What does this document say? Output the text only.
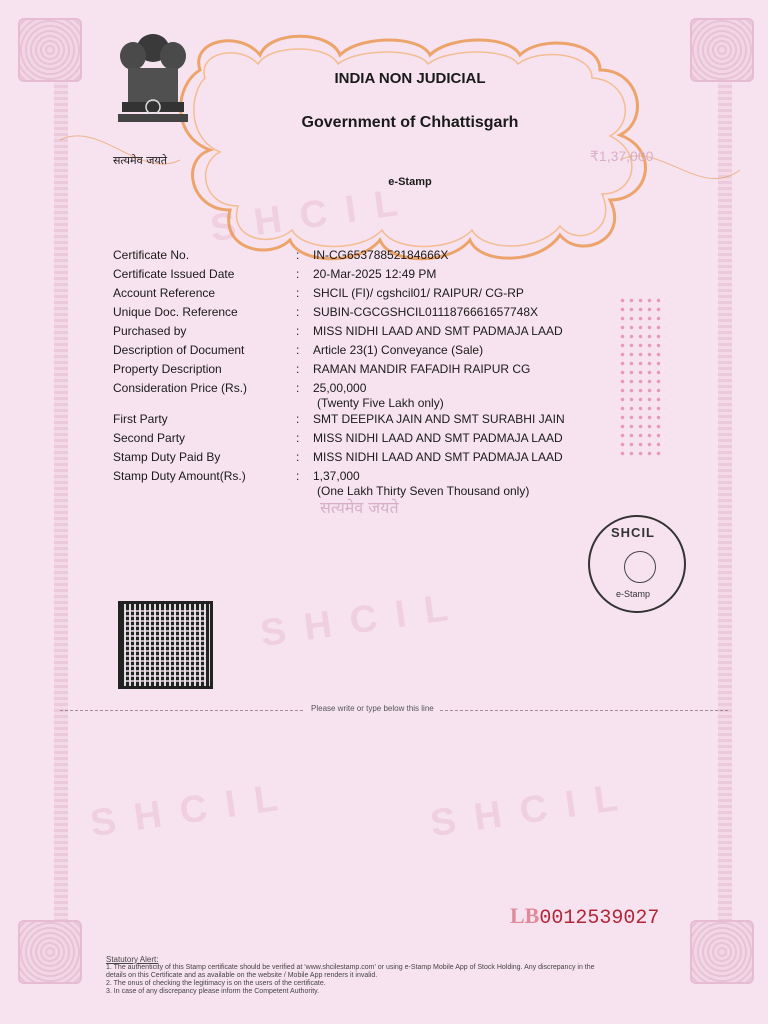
S H C I L
S H C I L	S H C I L
S H C I L
सत्यमेव जयते
INDIA NON JUDICIAL
Government of Chhattisgarh
e-Stamp
₹1,37,000
Certificate No.	: IN-CG65378852184666X
Certificate Issued Date	: 20-Mar-2025 12:49 PM
Account Reference	: SHCIL (FI)/ cgshcil01/ RAIPUR/ CG-RP
Unique Doc. Reference	: SUBIN-CGCGSHCIL0111876661657748X
Purchased by	: MISS NIDHI LAAD AND SMT PADMAJA LAAD
Description of Document	: Article 23(1) Conveyance (Sale)
Property Description	: RAMAN MANDIR FAFADIH RAIPUR CG
Consideration Price (Rs.)	: 25,00,000
(Twenty Five Lakh only)
First Party	: SMT DEEPIKA JAIN AND SMT SURABHI JAIN
Second Party	: MISS NIDHI LAAD AND SMT PADMAJA LAAD
Stamp Duty Paid By	: MISS NIDHI LAAD AND SMT PADMAJA LAAD
Stamp Duty Amount(Rs.)	: 1,37,000
(One Lakh Thirty Seven Thousand only)
सत्यमेव जयते
SHCIL
e-Stamp
Please write or type below this line
LB0012539027
Statutory Alert:
1. The authenticity of this Stamp certificate should be verified at 'www.shcilestamp.com' or using e-Stamp Mobile App of Stock Holding. Any discrepancy in the details on this Certificate and as available on the website / Mobile App renders it invalid.
2. The onus of checking the legitimacy is on the users of the certificate.
3. In case of any discrepancy please inform the Competent Authority.
